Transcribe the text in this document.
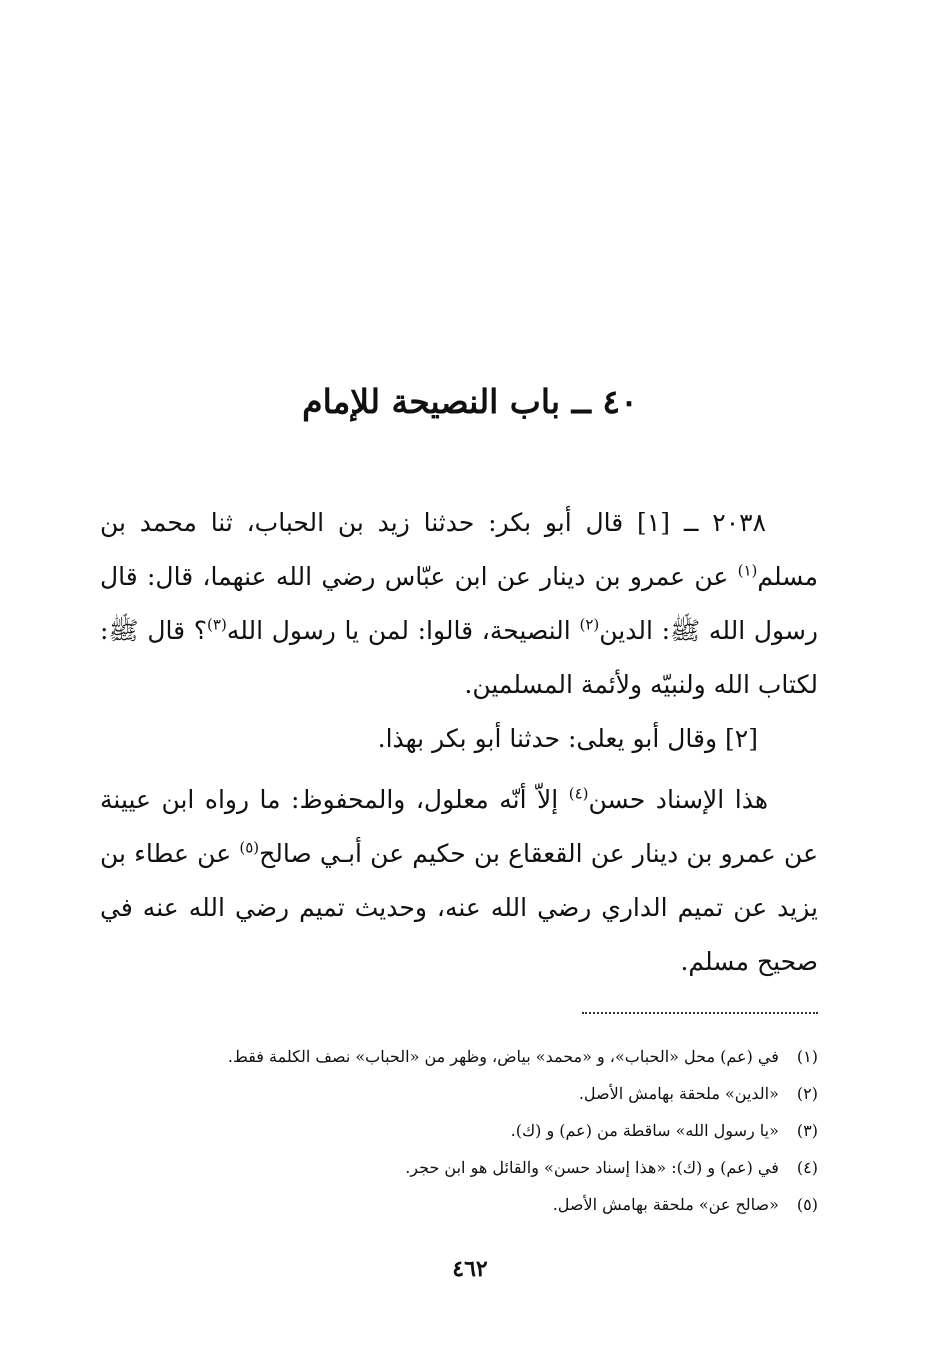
٤٠ ــ باب النصيحة للإمام

٢٠٣٨ ــ [١] قال أبو بكر: حدثنا زيد بن الحباب، ثنا محمد بن مسلم$^{(١)}$ عن عمرو بن دينار عن ابن عبّاس رضي الله عنهما، قال: قال رسول الله ﷺ: الدين$^{(٢)}$ النصيحة، قالوا: لمن يا رسول الله$^{(٣)}$؟ قال ﷺ: لكتاب الله ولنبيّه ولأئمة المسلمين.

[٢] وقال أبو يعلى: حدثنا أبو بكر بهذا.

هذا الإسناد حسن$^{(٤)}$ إلاّ أنّه معلول، والمحفوظ: ما رواه ابن عيينة عن عمرو بن دينار عن القعقاع بن حكيم عن أبـي صالح$^{(٥)}$ عن عطاء بن يزيد عن تميم الداري رضي الله عنه، وحديث تميم رضي الله عنه في صحيح مسلم.

(١) في (عم) محل «الحباب»، و «محمد» بياض، وظهر من «الحباب» نصف الكلمة فقط.
(٢) «الدين» ملحقة بهامش الأصل.
(٣) «يا رسول الله» ساقطة من (عم) و (ك).
(٤) في (عم) و (ك): «هذا إسناد حسن» والقائل هو ابن حجر.
(٥) «صالح عن» ملحقة بهامش الأصل.
٤٦٢
